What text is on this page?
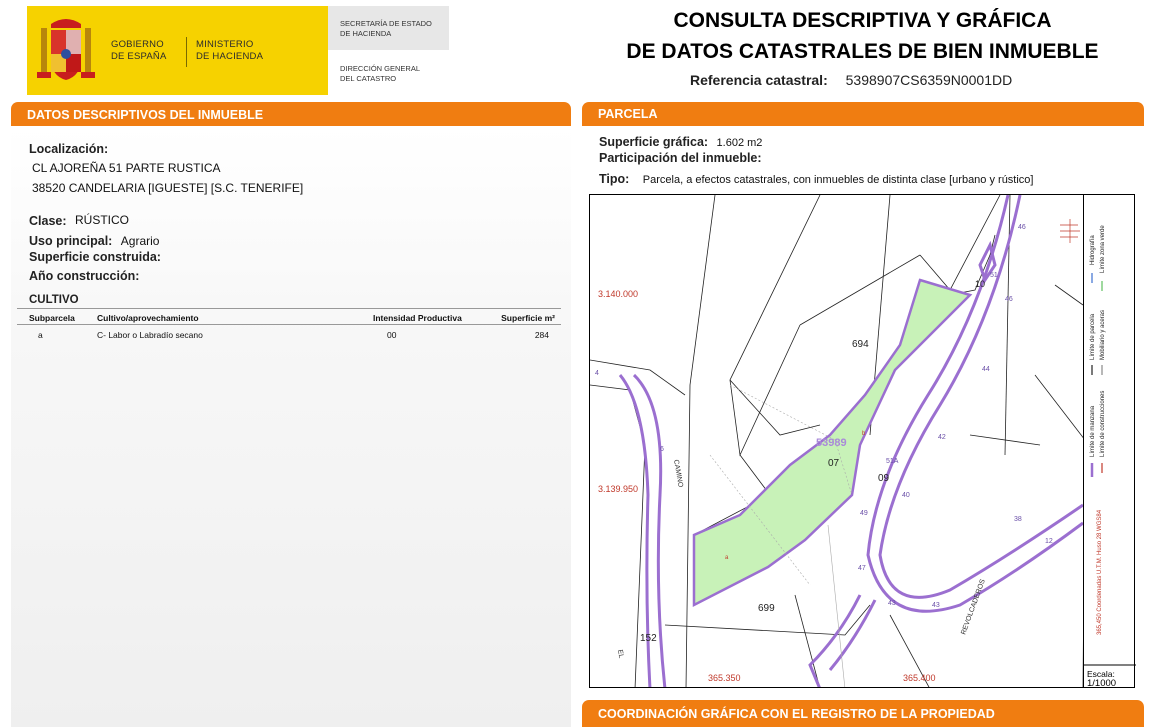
GOBIERNO
DE ESPAÑA
MINISTERIO
DE HACIENDA
SECRETARÍA DE ESTADO
DE HACIENDA
DIRECCIÓN GENERAL
DEL CATASTRO
CONSULTA DESCRIPTIVA Y GRÁFICA
DE DATOS CATASTRALES DE BIEN INMUEBLE
Referencia catastral: 5398907CS6359N0001DD
DATOS DESCRIPTIVOS DEL INMUEBLE
Localización:
CL AJOREÑA 51 PARTE RUSTICA
38520 CANDELARIA [IGUESTE] [S.C. TENERIFE]
Clase: RÚSTICO
Uso principal: Agrario
Superficie construida:
Año construcción:
CULTIVO
Subparcela	Cultivo/aprovechamiento	Intensidad Productiva	Superficie m²
a	C- Labor o Labradío secano	00	284
PARCELA
Superficie gráfica: 1.602 m2
Participación del inmueble:
Tipo: Parcela, a efectos catastrales, con inmuebles de distinta clase [urbano y rústico]
3.140.000
3.139.950
365.350	365.400
b
a
53989
694
07
09
699
152
10
51
46
46
44
42
40
38
12
43	43
47
49
51A
6
4
CAMINO
EL
REVOLCADEROS
Hidrografía Límite zona verde
Límite de parcela Mobiliario y aceras
Límite de manzana Límite de construcciones
365,450 Coordenadas U.T.M. Huso 28 WGS84
Escala:
1/1000
COORDINACIÓN GRÁFICA CON EL REGISTRO DE LA PROPIEDAD
